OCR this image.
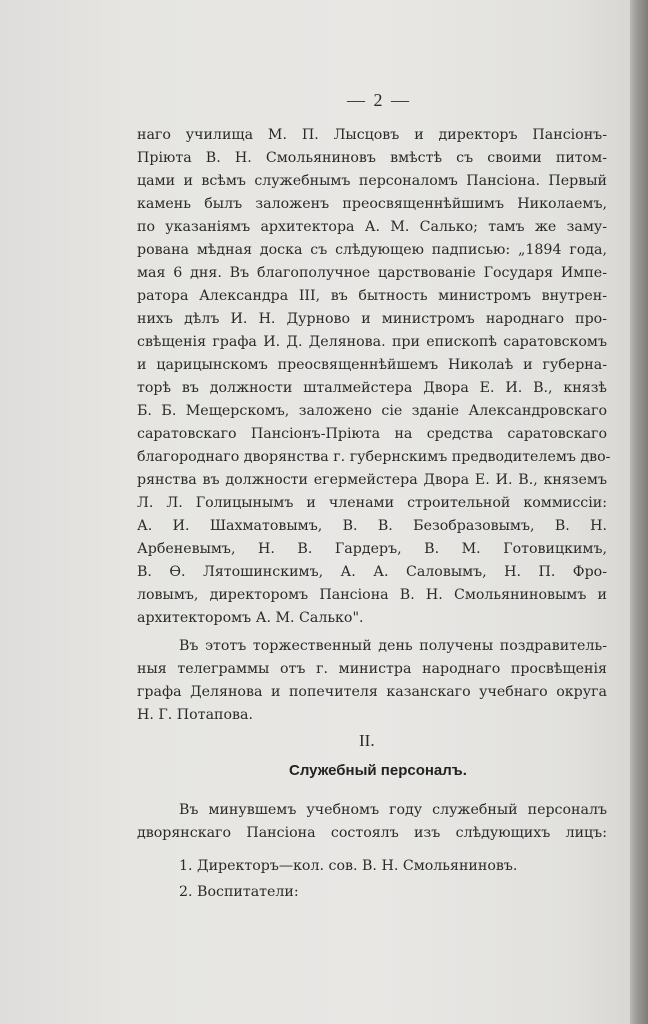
— 2 —
наго училища М. П. Лысцовъ и директоръ Пансіонъ-
Пріюта В. Н. Смольяниновъ вмѣстѣ съ своими питом-
цами и всѣмъ служебнымъ персоналомъ Пансіона. Первый
камень былъ заложенъ преосвященнѣйшимъ Николаемъ,
по указаніямъ архитектора А. М. Салько; тамъ же заму-
рована мѣдная доска съ слѣдующею падписью: „1894 года,
мая 6 дня. Въ благополучное царствованіе Государя Импе-
ратора Александра III, въ бытность министромъ внутрен-
нихъ дѣлъ И. Н. Дурново и министромъ народнаго про-
свѣщенія графа И. Д. Делянова. при епископѣ саратовскомъ
и царицынскомъ преосвященнѣйшемъ Николаѣ и губерна-
торѣ въ должности шталмейстера Двора Е. И. В., князѣ
Б. Б. Мещерскомъ, заложено сіе зданіе Александровскаго
саратовскаго Пансіонъ-Пріюта на средства саратовскаго
благороднаго дворянства г. губернскимъ предводителемъ дво-
рянства въ должности егермейстера Двора Е. И. В., княземъ
Л. Л. Голицынымъ и членами строительной коммиссіи:
А. И. Шахматовымъ, В. В. Безобразовымъ, В. Н.
Арбеневымъ, Н. В. Гардеръ, В. М. Готовицкимъ,
В. Ѳ. Лятошинскимъ, А. А. Саловымъ, Н. П. Фро-
ловымъ, директоромъ Пансіона В. Н. Смольяниновымъ и
архитекторомъ А. М. Салько".
Въ этотъ торжественный день получены поздравитель-
ныя телеграммы отъ г. министра народнаго просвѣщенія
графа Делянова и попечителя казанскаго учебнаго округа
Н. Г. Потапова.
II.
Служебный персоналъ.
Въ минувшемъ учебномъ году служебный персоналъ
дворянскаго Пансіона состоялъ изъ слѣдующихъ лицъ:
1. Директоръ—кол. сов. В. Н. Смольяниновъ.
2. Воспитатели:
